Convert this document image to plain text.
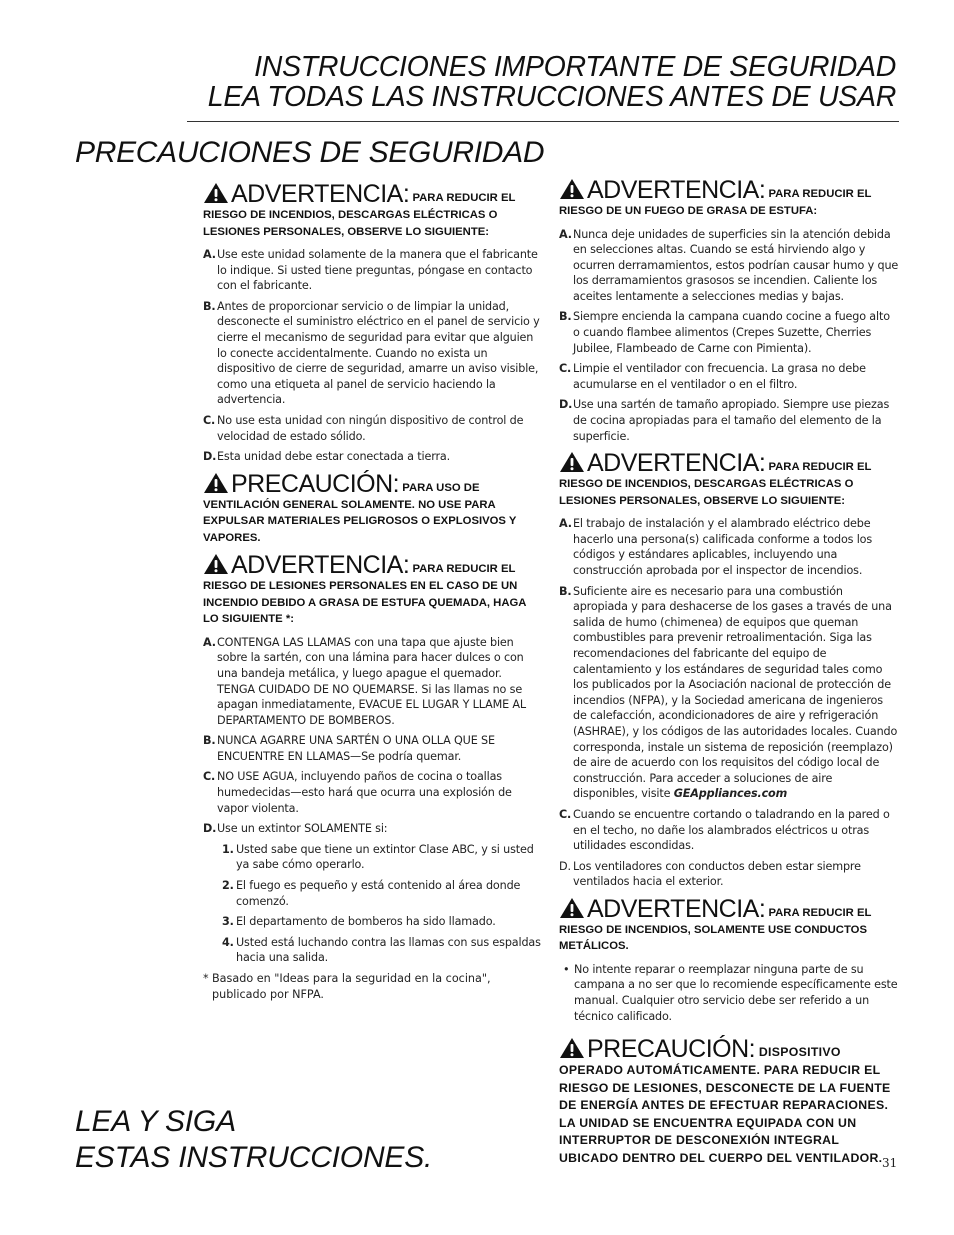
INSTRUCCIONES IMPORTANTE DE SEGURIDAD
LEA TODAS LAS INSTRUCCIONES ANTES DE USAR
PRECAUCIONES DE SEGURIDAD
ADVERTENCIA: PARA REDUCIR EL RIESGO DE INCENDIOS, DESCARGAS ELÉCTRICAS O LESIONES PERSONALES, OBSERVE LO SIGUIENTE:
A. Use este unidad solamente de la manera que el fabricante lo indique. Si usted tiene preguntas, póngase en contacto con el fabricante.
B. Antes de proporcionar servicio o de limpiar la unidad, desconecte el suministro eléctrico en el panel de servicio y cierre el mecanismo de seguridad para evitar que alguien lo conecte accidentalmente. Cuando no exista un dispositivo de cierre de seguridad, amarre un aviso visible, como una etiqueta al panel de servicio haciendo la advertencia.
C. No use esta unidad con ningún dispositivo de control de velocidad de estado sólido.
D. Esta unidad debe estar conectada a tierra.
PRECAUCIÓN: PARA USO DE VENTILACIÓN GENERAL SOLAMENTE. NO USE PARA EXPULSAR MATERIALES PELIGROSOS O EXPLOSIVOS Y VAPORES.
ADVERTENCIA: PARA REDUCIR EL RIESGO DE LESIONES PERSONALES EN EL CASO DE UN INCENDIO DEBIDO A GRASA DE ESTUFA QUEMADA, HAGA LO SIGUIENTE *:
A. CONTENGA LAS LLAMAS con una tapa que ajuste bien sobre la sartén, con una lámina para hacer dulces o con una bandeja metálica, y luego apague el quemador. TENGA CUIDADO DE NO QUEMARSE. Si las llamas no se apagan inmediatamente, EVACUE EL LUGAR Y LLAME AL DEPARTAMENTO DE BOMBEROS.
B. NUNCA AGARRE UNA SARTÉN O UNA OLLA QUE SE ENCUENTRE EN LLAMAS—Se podría quemar.
C. NO USE AGUA, incluyendo paños de cocina o toallas humedecidas—esto hará que ocurra una explosión de vapor violenta.
D. Use un extintor SOLAMENTE si:
1. Usted sabe que tiene un extintor Clase ABC, y si usted ya sabe cómo operarlo.
2. El fuego es pequeño y está contenido al área donde comenzó.
3. El departamento de bomberos ha sido llamado.
4. Usted está luchando contra las llamas con sus espaldas hacia una salida.
* Basado en "Ideas para la seguridad en la cocina", publicado por NFPA.
ADVERTENCIA: PARA REDUCIR EL RIESGO DE UN FUEGO DE GRASA DE ESTUFA:
A. Nunca deje unidades de superficies sin la atención debida en selecciones altas. Cuando se está hirviendo algo y ocurren derramamientos, estos podrían causar humo y que los derramamientos grasosos se incendien. Caliente los aceites lentamente a selecciones medias y bajas.
B. Siempre encienda la campana cuando cocine a fuego alto o cuando flambee alimentos (Crepes Suzette, Cherries Jubilee, Flambeado de Carne con Pimienta).
C. Limpie el ventilador con frecuencia. La grasa no debe acumularse en el ventilador o en el filtro.
D. Use una sartén de tamaño apropiado. Siempre use piezas de cocina apropiadas para el tamaño del elemento de la superficie.
ADVERTENCIA: PARA REDUCIR EL RIESGO DE INCENDIOS, DESCARGAS ELÉCTRICAS O LESIONES PERSONALES, OBSERVE LO SIGUIENTE:
A. El trabajo de instalación y el alambrado eléctrico debe hacerlo una persona(s) calificada conforme a todos los códigos y estándares aplicables, incluyendo una construcción aprobada por el inspector de incendios.
B. Suficiente aire es necesario para una combustión apropiada y para deshacerse de los gases a través de una salida de humo (chimenea) de equipos que queman combustibles para prevenir retroalimentación. Siga las recomendaciones del fabricante del equipo de calentamiento y los estándares de seguridad tales como los publicados por la Asociación nacional de protección de incendios (NFPA), y la Sociedad americana de ingenieros de calefacción, acondicionadores de aire y refrigeración (ASHRAE), y los códigos de las autoridades locales. Cuando corresponda, instale un sistema de reposición (reemplazo) de aire de acuerdo con los requisitos del código local de construcción. Para acceder a soluciones de aire disponibles, visite GEAppliances.com
C. Cuando se encuentre cortando o taladrando en la pared o en el techo, no dañe los alambrados eléctricos u otras utilidades escondidas.
D. Los ventiladores con conductos deben estar siempre ventilados hacia el exterior.
ADVERTENCIA: PARA REDUCIR EL RIESGO DE INCENDIOS, SOLAMENTE USE CONDUCTOS METÁLICOS.
• No intente reparar o reemplazar ninguna parte de su campana a no ser que lo recomiende específicamente este manual. Cualquier otro servicio debe ser referido a un técnico calificado.
PRECAUCIÓN: DISPOSITIVO OPERADO AUTOMÁTICAMENTE. PARA REDUCIR EL RIESGO DE LESIONES, DESCONECTE DE LA FUENTE DE ENERGÍA ANTES DE EFECTUAR REPARACIONES. LA UNIDAD SE ENCUENTRA EQUIPADA CON UN INTERRUPTOR DE DESCONEXIÓN INTEGRAL UBICADO DENTRO DEL CUERPO DEL VENTILADOR.
LEA Y SIGA
ESTAS INSTRUCCIONES.	31
